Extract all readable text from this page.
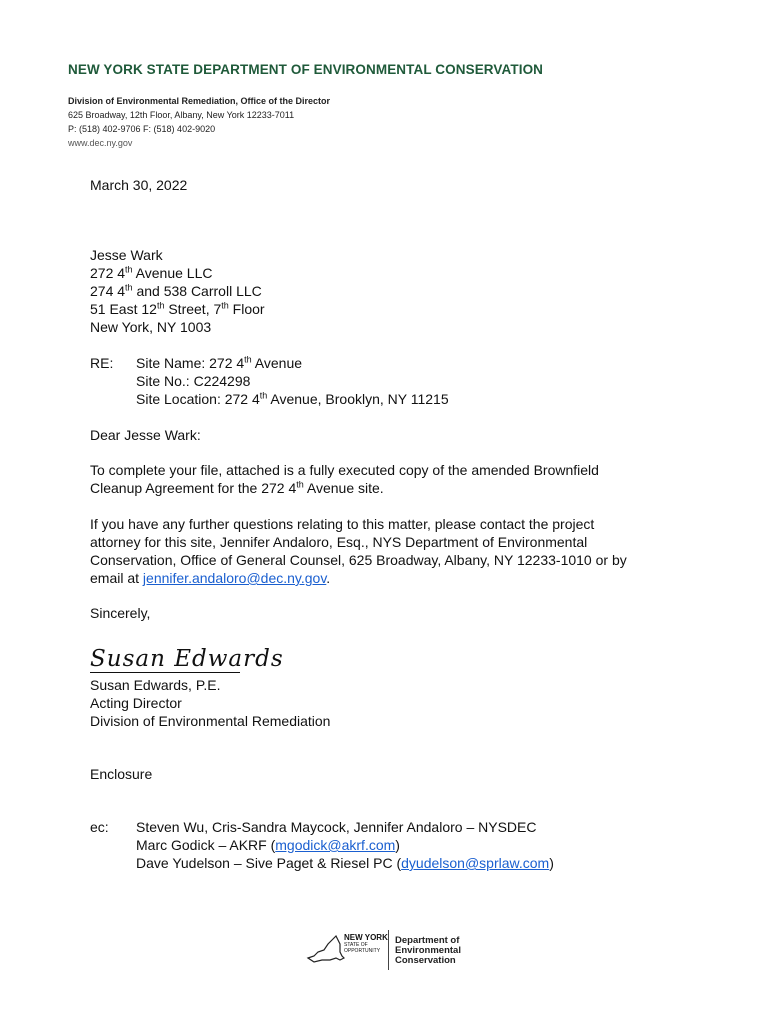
NEW YORK STATE DEPARTMENT OF ENVIRONMENTAL CONSERVATION
Division of Environmental Remediation, Office of the Director
625 Broadway, 12th Floor, Albany, New York 12233-7011
P: (518) 402-9706 F: (518) 402-9020
www.dec.ny.gov
March 30, 2022
Jesse Wark
272 4th Avenue LLC
274 4th and 538 Carroll LLC
51 East 12th Street, 7th Floor
New York, NY 1003
RE: Site Name: 272 4th Avenue
Site No.: C224298
Site Location: 272 4th Avenue, Brooklyn, NY 11215
Dear Jesse Wark:
To complete your file, attached is a fully executed copy of the amended Brownfield
Cleanup Agreement for the 272 4th Avenue site.
If you have any further questions relating to this matter, please contact the project
attorney for this site, Jennifer Andaloro, Esq., NYS Department of Environmental
Conservation, Office of General Counsel, 625 Broadway, Albany, NY 12233-1010 or by
email at jennifer.andaloro@dec.ny.gov.
Sincerely,
Susan Edwards
Susan Edwards, P.E.
Acting Director
Division of Environmental Remediation
Enclosure
ec: Steven Wu, Cris-Sandra Maycock, Jennifer Andaloro – NYSDEC
Marc Godick – AKRF (mgodick@akrf.com)
Dave Yudelson – Sive Paget & Riesel PC (dyudelson@sprlaw.com)
NEW YORK
STATE OF
OPPORTUNITY
Department of
Environmental
Conservation
